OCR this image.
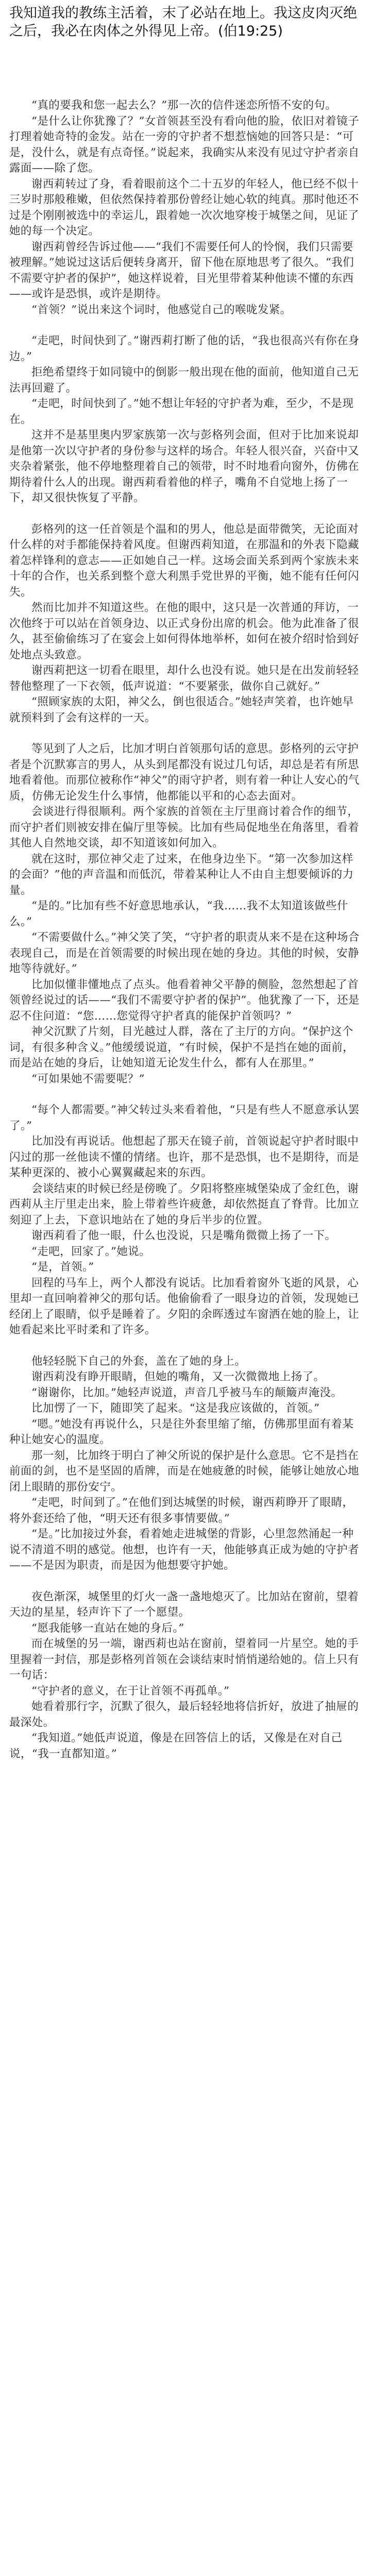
我知道我的教练主活着，末了必站在地上。我这皮肉灭绝之后，我必在肉体之外得见上帝。(伯19:25)

“真的要我和您一起去么？”那一次的信件迷恋所悟不安的句。

“是什么让你犹豫了？”女首领甚至没有看向他的脸，依旧对着镜子打理着她奇特的金发。站在一旁的守护者不想惹恼她的回答只是：“可是，没什么，就是有点奇怪。”说起来，我确实从来没有见过守护者亲自露面——除了您。

谢西莉转过了身，看着眼前这个二十五岁的年轻人，他已经不似十三岁时那般稚嫩，但依然保持着那份曾经让她心软的纯真。那时他还不过是个刚刚被选中的幸运儿，跟着她一次次地穿梭于城堡之间，见证了她的每一个决定。

谢西莉曾经告诉过他——“我们不需要任何人的怜悯，我们只需要被理解。”她说过这话后便转身离开，留下他在原地思考了很久。“我们不需要守护者的保护”，她这样说着，目光里带着某种他读不懂的东西——或许是恐惧，或许是期待。

“首领？”说出来这个词时，他感觉自己的喉咙发紧。

“走吧，时间快到了。”谢西莉打断了他的话，“我也很高兴有你在身边。”

拒绝希望终于如同镜中的倒影一般出现在他的面前，他知道自己无法再回避了。

“走吧，时间快到了。”她不想让年轻的守护者为难，至少，不是现在。

这并不是基里奥内罗家族第一次与彭格列会面，但对于比加来说却是他第一次以守护者的身份参与这样的场合。年轻人很兴奋，兴奋中又夹杂着紧张，他不停地整理着自己的领带，时不时地看向窗外，仿佛在期待着什么人的出现。谢西莉看着他的样子，嘴角不自觉地上扬了一下，却又很快恢复了平静。

彭格列的这一任首领是个温和的男人，他总是面带微笑，无论面对什么样的对手都能保持着风度。但谢西莉知道，在那温和的外表下隐藏着怎样锋利的意志——正如她自己一样。这场会面关系到两个家族未来十年的合作，也关系到整个意大利黑手党世界的平衡，她不能有任何闪失。

然而比加并不知道这些。在他的眼中，这只是一次普通的拜访，一次他终于可以站在首领身边、以正式身份出席的机会。他为此准备了很久，甚至偷偷练习了在宴会上如何得体地举杯，如何在被介绍时恰到好处地点头致意。

谢西莉把这一切看在眼里，却什么也没有说。她只是在出发前轻轻替他整理了一下衣领，低声说道：“不要紧张，做你自己就好。”

“照顾家族的太阳，神父么，倒也很适合。”她轻声笑着，也许她早就预料到了会有这样的一天。

等见到了人之后，比加才明白首领那句话的意思。彭格列的云守护者是个沉默寡言的男人，从头到尾都没有说过几句话，却总是若有所思地看着他。而那位被称作“神父”的雨守护者，则有着一种让人安心的气质，仿佛无论发生什么事情，他都能以平和的心态去面对。

会谈进行得很顺利。两个家族的首领在主厅里商讨着合作的细节，而守护者们则被安排在偏厅里等候。比加有些局促地坐在角落里，看着其他人自然地交谈，却不知道该如何加入。

就在这时，那位神父走了过来，在他身边坐下。“第一次参加这样的会面？”他的声音温和而低沉，带着某种让人不由自主想要倾诉的力量。

“是的。”比加有些不好意思地承认，“我……我不太知道该做些什么。”

“不需要做什么。”神父笑了笑，“守护者的职责从来不是在这种场合表现自己，而是在首领需要的时候出现在她的身边。其他的时候，安静地等待就好。”

比加似懂非懂地点了点头。他看着神父平静的侧脸，忽然想起了首领曾经说过的话——“我们不需要守护者的保护”。他犹豫了一下，还是忍不住问道：“您……您觉得守护者真的能保护首领吗？”

神父沉默了片刻，目光越过人群，落在了主厅的方向。“保护这个词，有很多种含义。”他缓缓说道，“有时候，保护不是挡在她的面前，而是站在她的身后，让她知道无论发生什么，都有人在那里。”

“可如果她不需要呢？”

“每个人都需要。”神父转过头来看着他，“只是有些人不愿意承认罢了。”

比加没有再说话。他想起了那天在镜子前，首领说起守护者时眼中闪过的那一丝他读不懂的情绪。也许，那不是恐惧，也不是期待，而是某种更深的、被小心翼翼藏起来的东西。

会谈结束的时候已经是傍晚了。夕阳将整座城堡染成了金红色，谢西莉从主厅里走出来，脸上带着些许疲惫，却依然挺直了脊背。比加立刻迎了上去，下意识地站在了她的身后半步的位置。

谢西莉看了他一眼，什么也没说，只是嘴角微微上扬了一下。

“走吧，回家了。”她说。

“是，首领。”

回程的马车上，两个人都没有说话。比加看着窗外飞逝的风景，心里却一直回响着神父的那句话。他偷偷看了一眼身边的首领，发现她已经闭上了眼睛，似乎是睡着了。夕阳的余晖透过车窗洒在她的脸上，让她看起来比平时柔和了许多。

他轻轻脱下自己的外套，盖在了她的身上。

谢西莉没有睁开眼睛，但她的嘴角，又一次微微地上扬了。

“谢谢你，比加。”她轻声说道，声音几乎被马车的颠簸声淹没。

比加愣了一下，随即笑了起来。“这是我应该做的，首领。”

“嗯。”她没有再说什么，只是往外套里缩了缩，仿佛那里面有着某种让她安心的温度。

那一刻，比加终于明白了神父所说的保护是什么意思。它不是挡在前面的剑，也不是坚固的盾牌，而是在她疲惫的时候，能够让她放心地闭上眼睛的那份安宁。

“走吧，时间到了。”在他们到达城堡的时候，谢西莉睁开了眼睛，将外套还给了他，“明天还有很多事情要做。”

“是。”比加接过外套，看着她走进城堡的背影，心里忽然涌起一种说不清道不明的感觉。他想，也许有一天，他能够真正成为她的守护者——不是因为职责，而是因为他想要守护她。

夜色渐深，城堡里的灯火一盏一盏地熄灭了。比加站在窗前，望着天边的星星，轻声许下了一个愿望。

“愿我能够一直站在她的身后。”

而在城堡的另一端，谢西莉也站在窗前，望着同一片星空。她的手里握着一封信，那是彭格列首领在会谈结束时悄悄递给她的。信上只有一句话：

“守护者的意义，在于让首领不再孤单。”

她看着那行字，沉默了很久，最后轻轻地将信折好，放进了抽屉的最深处。

“我知道。”她低声说道，像是在回答信上的话，又像是在对自己说，“我一直都知道。”
